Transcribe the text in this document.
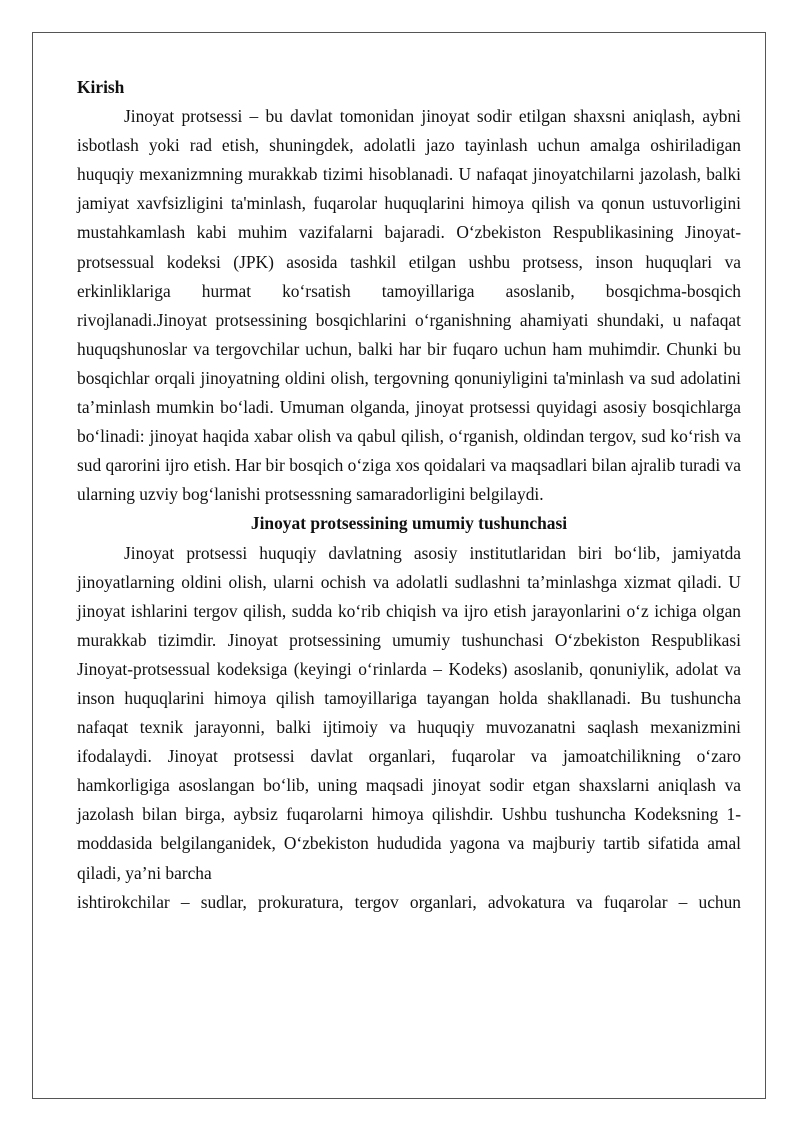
Kirish

Jinoyat protsessi – bu davlat tomonidan jinoyat sodir etilgan shaxsni aniqlash, aybni isbotlash yoki rad etish, shuningdek, adolatli jazo tayinlash uchun amalga oshiriladigan huquqiy mexanizmning murakkab tizimi hisoblanadi. U nafaqat jinoyatchilarni jazolash, balki jamiyat xavfsizligini ta'minlash, fuqarolar huquqlarini himoya qilish va qonun ustuvorligini mustahkamlash kabi muhim vazifalarni bajaradi. O‘zbekiston Respublikasining Jinoyat-protsessual kodeksi (JPK) asosida tashkil etilgan ushbu protsess, inson huquqlari va erkinliklariga hurmat ko‘rsatish tamoyillariga asoslanib, bosqichma-bosqich rivojlanadi.Jinoyat protsessining bosqichlarini o‘rganishning ahamiyati shundaki, u nafaqat huquqshunoslar va tergovchilar uchun, balki har bir fuqaro uchun ham muhimdir. Chunki bu bosqichlar orqali jinoyatning oldini olish, tergovning qonuniyligini ta'minlash va sud adolatini ta’minlash mumkin bo‘ladi. Umuman olganda, jinoyat protsessi quyidagi asosiy bosqichlarga bo‘linadi: jinoyat haqida xabar olish va qabul qilish, o‘rganish, oldindan tergov, sud ko‘rish va sud qarorini ijro etish. Har bir bosqich o‘ziga xos qoidalari va maqsadlari bilan ajralib turadi va ularning uzviy bog‘lanishi protsessning samaradorligini belgilaydi.

Jinoyat protsessining umumiy tushunchasi

Jinoyat protsessi huquqiy davlatning asosiy institutlaridan biri bo‘lib, jamiyatda jinoyatlarning oldini olish, ularni ochish va adolatli sudlashni ta’minlashga xizmat qiladi. U jinoyat ishlarini tergov qilish, sudda ko‘rib chiqish va ijro etish jarayonlarini o‘z ichiga olgan murakkab tizimdir. Jinoyat protsessining umumiy tushunchasi O‘zbekiston Respublikasi Jinoyat-protsessual kodeksiga (keyingi o‘rinlarda – Kodeks) asoslanib, qonuniylik, adolat va inson huquqlarini himoya qilish tamoyillariga tayangan holda shakllanadi. Bu tushuncha nafaqat texnik jarayonni, balki ijtimoiy va huquqiy muvozanatni saqlash mexanizmini ifodalaydi. Jinoyat protsessi davlat organlari, fuqarolar va jamoatchilikning o‘zaro hamkorligiga asoslangan bo‘lib, uning maqsadi jinoyat sodir etgan shaxslarni aniqlash va jazolash bilan birga, aybsiz fuqarolarni himoya qilishdir. Ushbu tushuncha Kodeksning 1-moddasida belgilanganidek, O‘zbekiston hududida yagona va majburiy tartib sifatida amal qiladi, ya’ni barcha

ishtirokchilar – sudlar, prokuratura, tergov organlari, advokatura va fuqarolar – uchun
